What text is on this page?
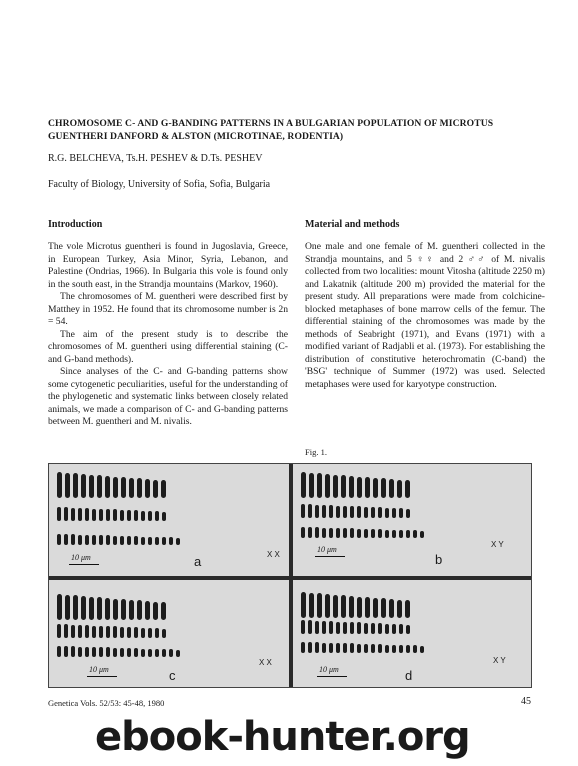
CHROMOSOME C- AND G-BANDING PATTERNS IN A BULGARIAN POPULATION OF MICROTUS GUENTHERI DANFORD & ALSTON (MICROTINAE, RODENTIA)
R.G. BELCHEVA, Ts.H. PESHEV & D.Ts. PESHEV
Faculty of Biology, University of Sofia, Sofia, Bulgaria
Introduction	Material and methods

The vole Microtus guentheri is found in Jugoslavia, Greece, in European Turkey, Asia Minor, Syria, Lebanon, and Palestine (Ondrias, 1966). In Bulgaria this vole is found only in the south east, in the Strandja mountains (Markov, 1960).

The chromosomes of M. guentheri were described first by Matthey in 1952. He found that its chromosome number is 2n = 54.

The aim of the present study is to describe the chromosomes of M. guentheri using differential staining (C- and G-band methods).

Since analyses of the C- and G-banding patterns show some cytogenetic peculiarities, useful for the understanding of the phylogenetic and systematic links between closely related animals, we made a comparison of C- and G-banding patterns between M. guentheri and M. nivalis.

One male and one female of M. guentheri collected in the Strandja mountains, and 5 ♀♀ and 2 ♂♂ of M. nivalis collected from two localities: mount Vitosha (altitude 2250 m) and Lakatnik (altitude 200 m) provided the material for the present study. All preparations were made from colchicine-blocked metaphases of bone marrow cells of the femur. The differential staining of the chromosomes was made by the methods of Seabright (1971), and Evans (1971) with a modified variant of Radjabli et al. (1973). For establishing the distribution of constitutive heterochromatin (C-band) the 'BSG' technique of Summer (1972) was used. Selected metaphases were used for karyotype construction.

Fig. 1.
10 μm	a	X X
10 μm
b
X Y
10 μm	c
X X
10 μm	d
X Y
Genetica Vols. 52/53: 45-48, 1980	45
ebook-hunter.org
